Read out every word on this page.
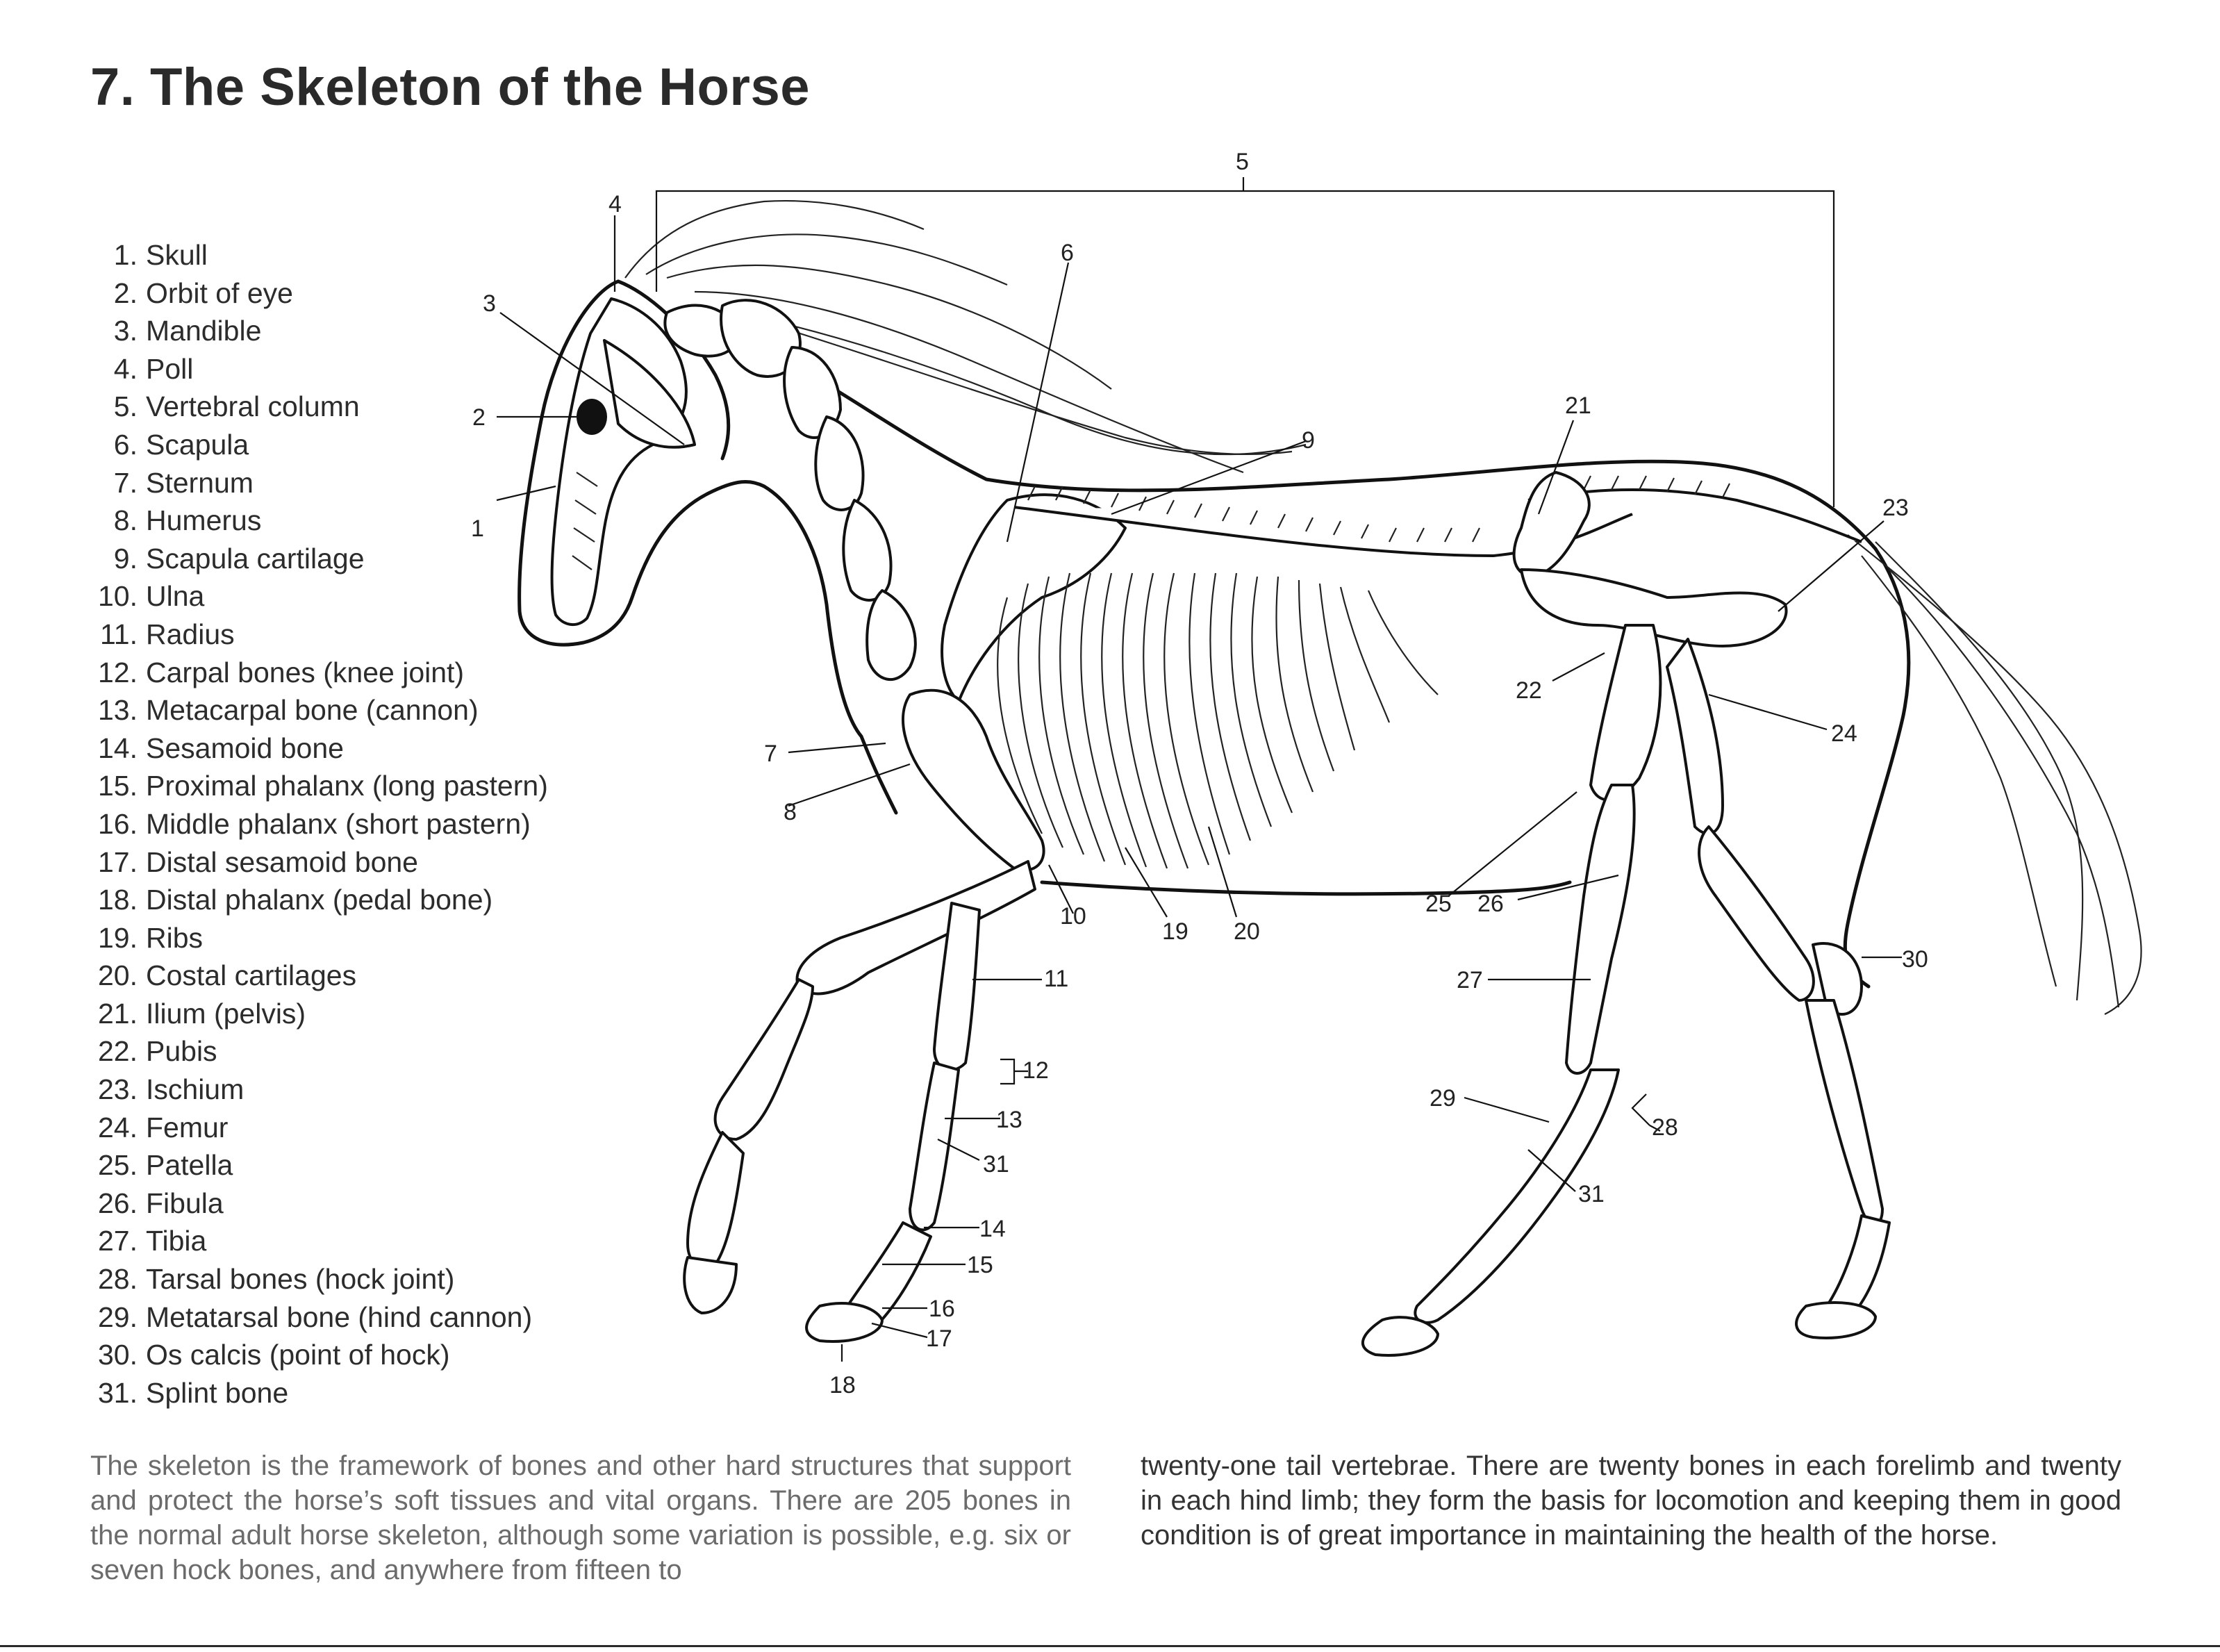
7. The Skeleton of the Horse
1. Skull
2. Orbit of eye
3. Mandible
4. Poll
5. Vertebral column
6. Scapula
7. Sternum
8. Humerus
9. Scapula cartilage
10. Ulna
11. Radius
12. Carpal bones (knee joint)
13. Metacarpal bone (cannon)
14. Sesamoid bone
15. Proximal phalanx (long pastern)
16. Middle phalanx (short pastern)
17. Distal sesamoid bone
18. Distal phalanx (pedal bone)
19. Ribs
20. Costal cartilages
21. Ilium (pelvis)
22. Pubis
23. Ischium
24. Femur
25. Patella
26. Fibula
27. Tibia
28. Tarsal bones (hock joint)
29. Metatarsal bone (hind cannon)
30. Os calcis (point of hock)
31. Splint bone
1
2
3
4
5
6
7
8
9
10
11
12
13
31
14
15
16
17
18
19 20
21
22
23
24
25 26
27
28
29
30
31

The skeleton is the framework of bones and other hard structures that support and protect the horse’s soft tissues and vital organs. There are 205 bones in the normal adult horse skeleton, although some variation is possible, e.g. six or seven hock bones, and anywhere from fifteen to

twenty-one tail vertebrae. There are twenty bones in each forelimb and twenty in each hind limb; they form the basis for locomotion and keeping them in good condition is of great importance in maintaining the health of the horse.
